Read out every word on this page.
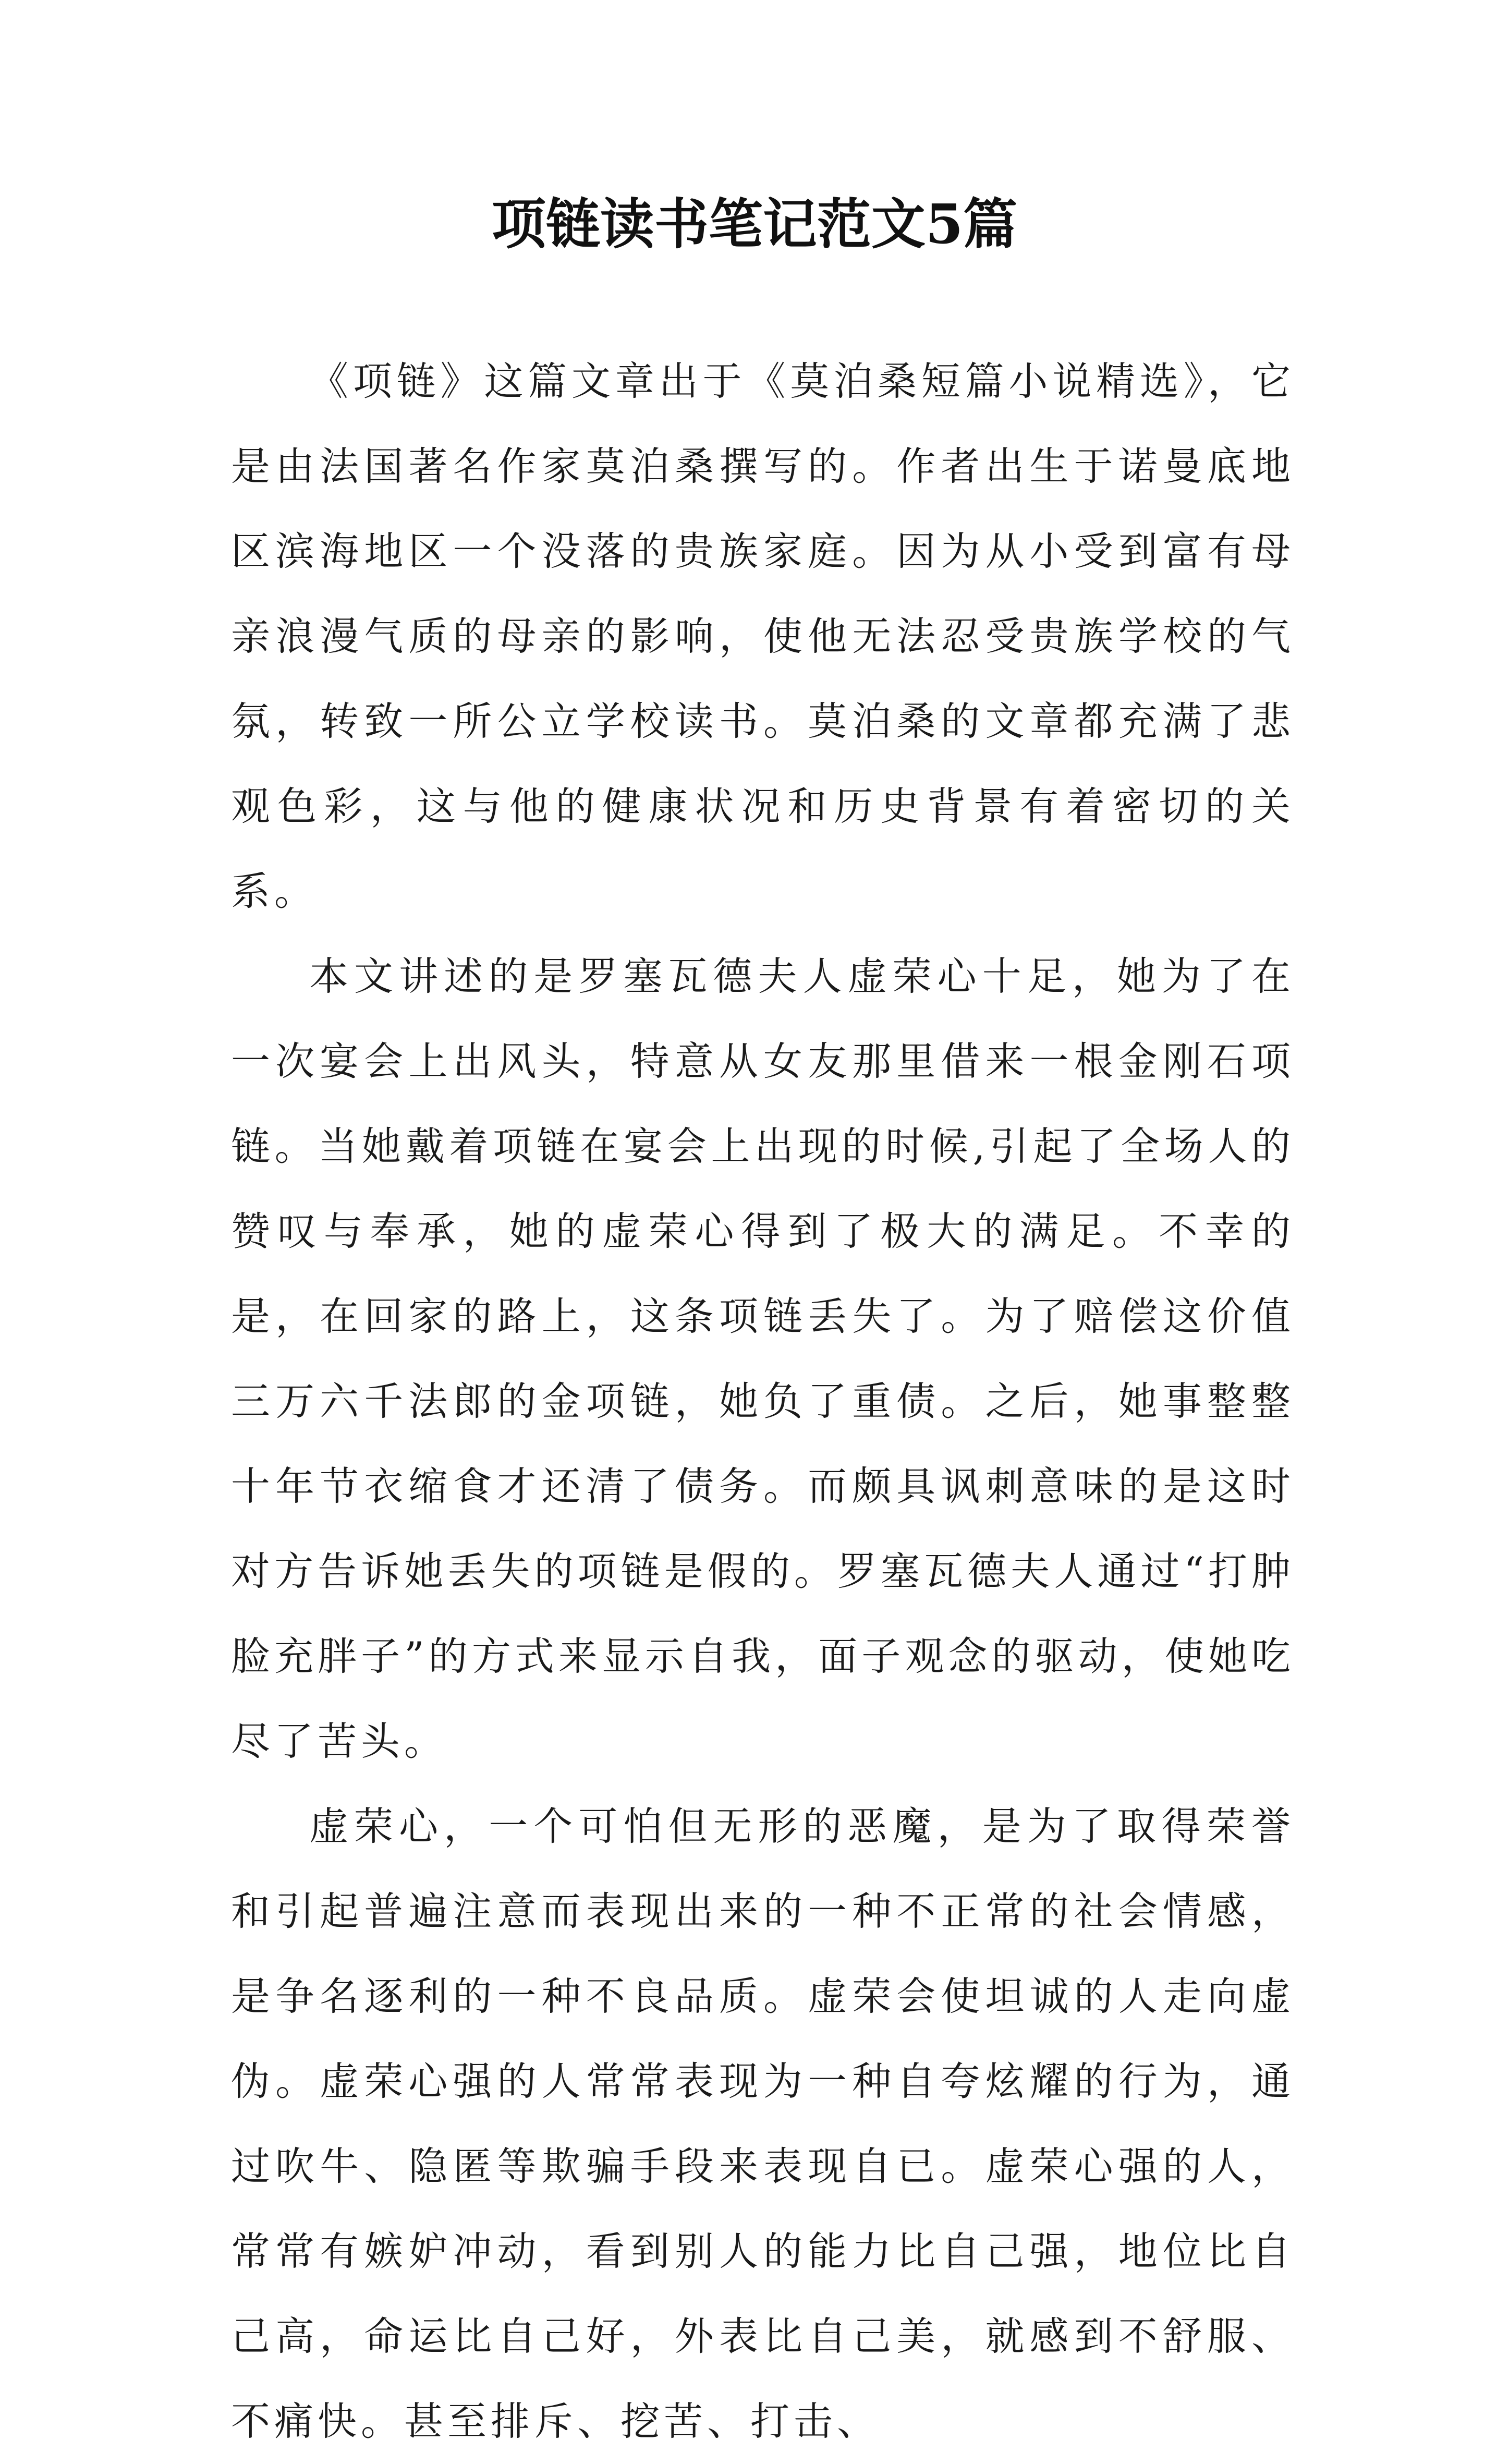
项链读书笔记范文5篇

《项链》这篇文章出于《莫泊桑短篇小说精选》，它是由法国著名作家莫泊桑撰写的。作者出生于诺曼底地区滨海地区一个没落的贵族家庭。因为从小受到富有母亲浪漫气质的母亲的影响，使他无法忍受贵族学校的气氛，转致一所公立学校读书。莫泊桑的文章都充满了悲观色彩，这与他的健康状况和历史背景有着密切的关系。

本文讲述的是罗塞瓦德夫人虚荣心十足，她为了在一次宴会上出风头，特意从女友那里借来一根金刚石项链。当她戴着项链在宴会上出现的时候,引起了全场人的赞叹与奉承，她的虚荣心得到了极大的满足。不幸的是，在回家的路上，这条项链丢失了。为了赔偿这价值三万六千法郎的金项链，她负了重债。之后，她事整整十年节衣缩食才还清了债务。而颇具讽刺意味的是这时对方告诉她丢失的项链是假的。罗塞瓦德夫人通过“打肿脸充胖子”的方式来显示自我，面子观念的驱动，使她吃尽了苦头。

虚荣心，一个可怕但无形的恶魔，是为了取得荣誉和引起普遍注意而表现出来的一种不正常的社会情感，是争名逐利的一种不良品质。虚荣会使坦诚的人走向虚伪。虚荣心强的人常常表现为一种自夸炫耀的行为，通过吹牛、隐匿等欺骗手段来表现自已。虚荣心强的人，常常有嫉妒冲动，看到别人的能力比自己强，地位比自己高，命运比自己好，外表比自己美，就感到不舒服、不痛快。甚至排斥、挖苦、打击、
